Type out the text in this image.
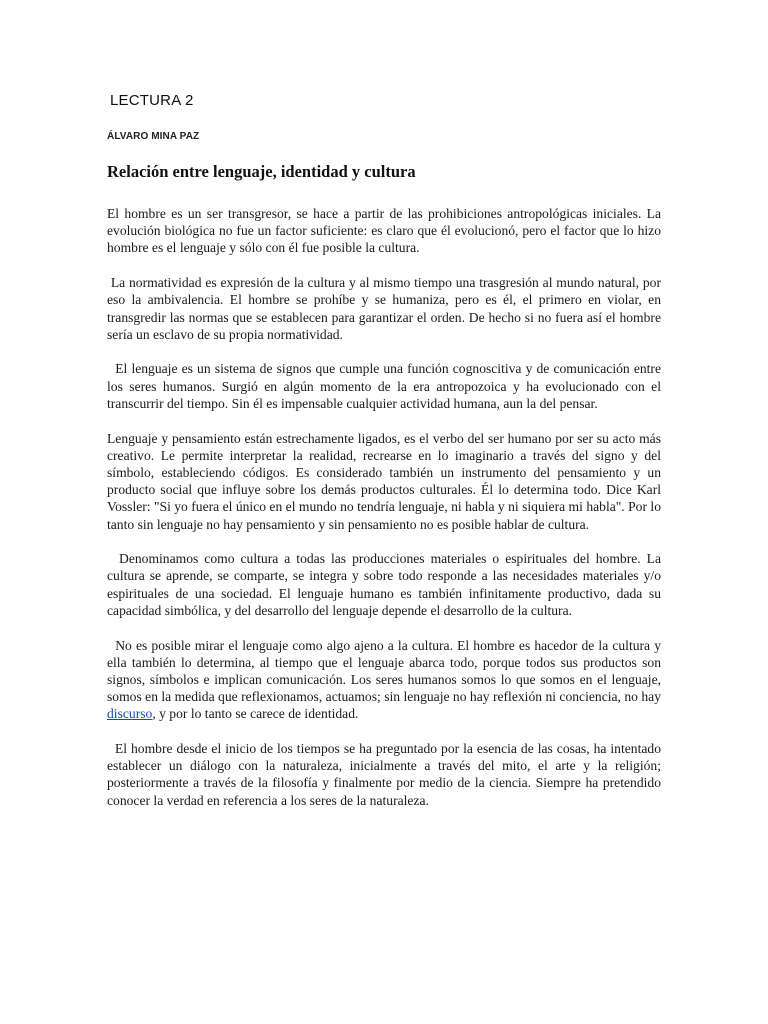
LECTURA 2
ÁLVARO MINA PAZ
Relación entre lenguaje, identidad y cultura

El hombre es un ser transgresor, se hace a partir de las prohibiciones antropológicas iniciales. La evolución biológica no fue un factor suficiente: es claro que él evolucionó, pero el factor que lo hizo hombre es el lenguaje y sólo con él fue posible la cultura.

La normatividad es expresión de la cultura y al mismo tiempo una trasgresión al mundo natural, por eso la ambivalencia. El hombre se prohíbe y se humaniza, pero es él, el primero en violar, en transgredir las normas que se establecen para garantizar el orden. De hecho si no fuera así el hombre sería un esclavo de su propia normatividad.

El lenguaje es un sistema de signos que cumple una función cognoscitiva y de comunicación entre los seres humanos. Surgió en algún momento de la era antropozoica y ha evolucionado con el transcurrir del tiempo. Sin él es impensable cualquier actividad humana, aun la del pensar.

Lenguaje y pensamiento están estrechamente ligados, es el verbo del ser humano por ser su acto más creativo. Le permite interpretar la realidad, recrearse en lo imaginario a través del signo y del símbolo, estableciendo códigos. Es considerado también un instrumento del pensamiento y un producto social que influye sobre los demás productos culturales. Él lo determina todo. Dice Karl Vossler: "Si yo fuera el único en el mundo no tendría lenguaje, ni habla y ni siquiera mi habla". Por lo tanto sin lenguaje no hay pensamiento y sin pensamiento no es posible hablar de cultura.

Denominamos como cultura a todas las producciones materiales o espirituales del hombre. La cultura se aprende, se comparte, se integra y sobre todo responde a las necesidades materiales y/o espirituales de una sociedad. El lenguaje humano es también infinitamente productivo, dada su capacidad simbólica, y del desarrollo del lenguaje depende el desarrollo de la cultura.

No es posible mirar el lenguaje como algo ajeno a la cultura. El hombre es hacedor de la cultura y ella también lo determina, al tiempo que el lenguaje abarca todo, porque todos sus productos son signos, símbolos e implican comunicación. Los seres humanos somos lo que somos en el lenguaje, somos en la medida que reflexionamos, actuamos; sin lenguaje no hay reflexión ni conciencia, no hay discurso, y por lo tanto se carece de identidad.

El hombre desde el inicio de los tiempos se ha preguntado por la esencia de las cosas, ha intentado establecer un diálogo con la naturaleza, inicialmente a través del mito, el arte y la religión; posteriormente a través de la filosofía y finalmente por medio de la ciencia. Siempre ha pretendido conocer la verdad en referencia a los seres de la naturaleza.
